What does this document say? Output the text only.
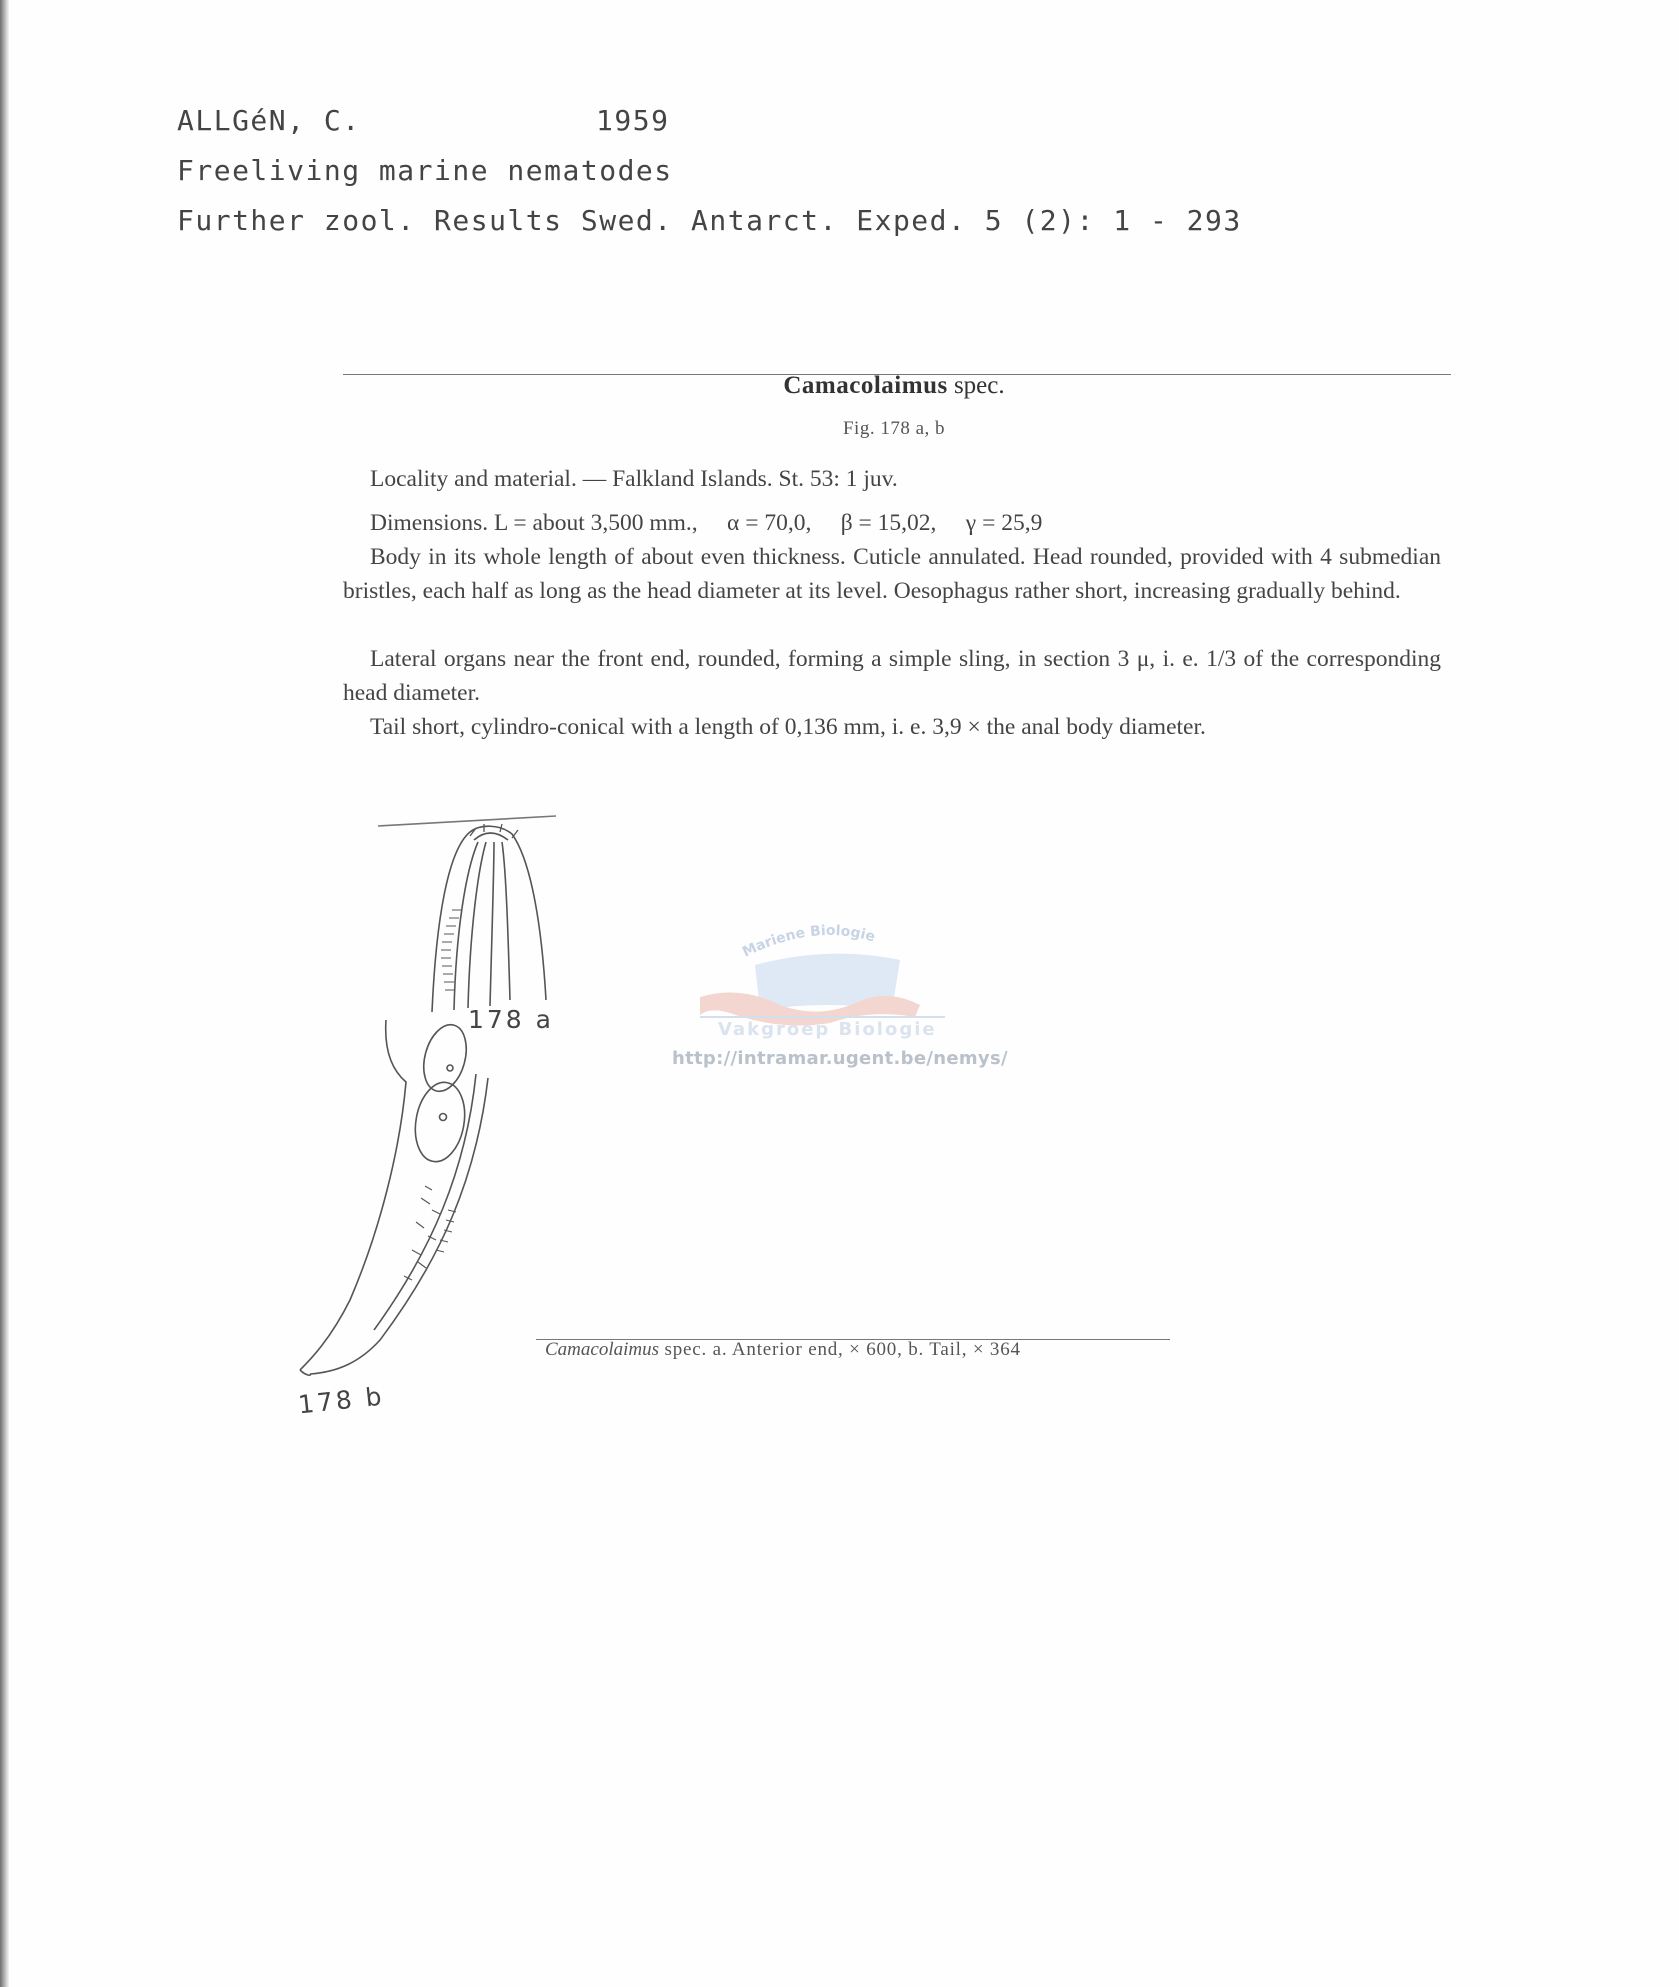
ALLGéN, C.	1959
Freeliving marine nematodes
Further zool. Results Swed. Antarct. Exped. 5 (2): 1 - 293
Camacolaimus spec.
Fig. 178 a, b

Locality and material. — Falkland Islands. St. 53: 1 juv.

Dimensions. L = about 3,500 mm.,     α = 70,0,     β = 15,02,     γ = 25,9

Body in its whole length of about even thickness. Cuticle annulated. Head rounded, provided with 4 submedian bristles, each half as long as the head diameter at its level. Oesophagus rather short, increasing gradually behind.

Lateral organs near the front end, rounded, forming a simple sling, in section 3 μ, i. e. 1/3 of the corresponding head diameter.

Tail short, cylindro-conical with a length of 0,136 mm, i. e. 3,9 × the anal body diameter.

Mariene Biologie
Vakgroep Biologie
http://intramar.ugent.be/nemys/
178 a
178 b
Camacolaimus spec. a. Anterior end, × 600, b. Tail, × 364
